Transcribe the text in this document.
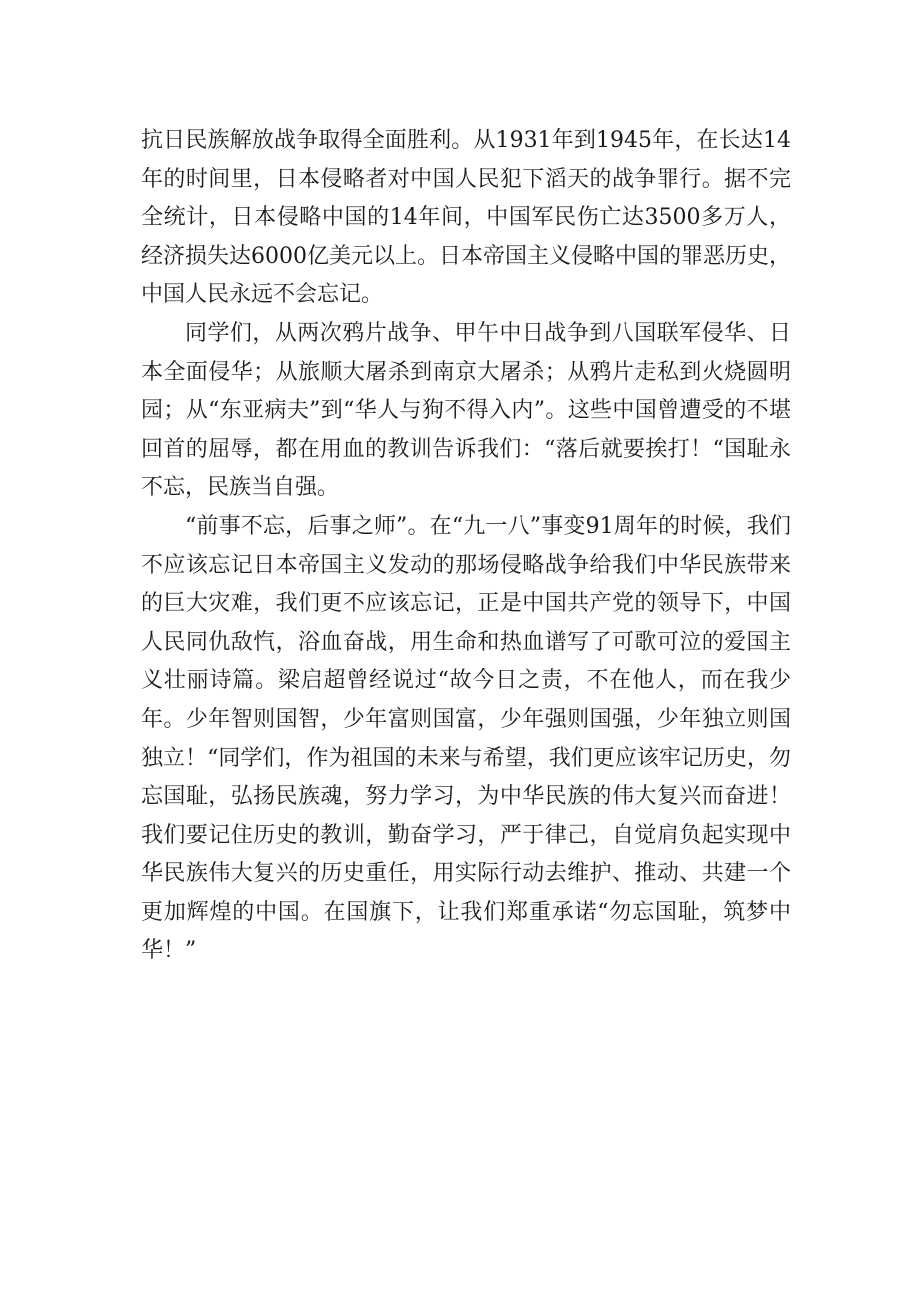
抗日民族解放战争取得全面胜利。从1931年到1945年，在长达14年的时间里，日本侵略者对中国人民犯下滔天的战争罪行。据不完全统计，日本侵略中国的14年间，中国军民伤亡达3500多万人，经济损失达6000亿美元以上。日本帝国主义侵略中国的罪恶历史，中国人民永远不会忘记。

同学们，从两次鸦片战争、甲午中日战争到八国联军侵华、日本全面侵华；从旅顺大屠杀到南京大屠杀；从鸦片走私到火烧圆明园；从“东亚病夫”到“华人与狗不得入内”。这些中国曾遭受的不堪回首的屈辱，都在用血的教训告诉我们：“落后就要挨打！“国耻永不忘，民族当自强。

“前事不忘，后事之师”。在“九一八”事变91周年的时候，我们不应该忘记日本帝国主义发动的那场侵略战争给我们中华民族带来的巨大灾难，我们更不应该忘记，正是中国共产党的领导下，中国人民同仇敌忾，浴血奋战，用生命和热血谱写了可歌可泣的爱国主义壮丽诗篇。梁启超曾经说过“故今日之责，不在他人，而在我少年。少年智则国智，少年富则国富，少年强则国强，少年独立则国独立！“同学们，作为祖国的未来与希望，我们更应该牢记历史，勿忘国耻，弘扬民族魂，努力学习，为中华民族的伟大复兴而奋进！我们要记住历史的教训，勤奋学习，严于律己，自觉肩负起实现中华民族伟大复兴的历史重任，用实际行动去维护、推动、共建一个更加辉煌的中国。在国旗下，让我们郑重承诺“勿忘国耻，筑梦中华！”
